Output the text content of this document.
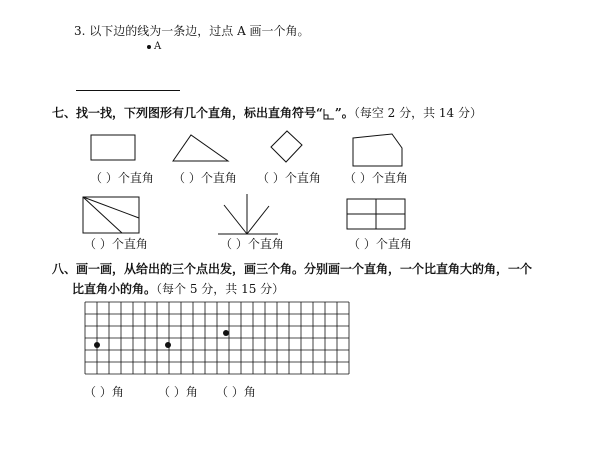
3. 以下边的线为一条边，过点 A 画一个角。
A
七、找一找，下列图形有几个直角，标出直角符号“ ”。（每空 2 分，共 14 分）
（ ）个直角 （ ）个直角 （ ）个直角 （ ）个直角
（ ）个直角	（ ）个直角	（ ）个直角
八、画一画，从给出的三个点出发，画三个角。分别画一个直角，一个比直角大的角，一个
比直角小的角。（每个 5 分，共 15 分）
（ ）角	（ ）角 （ ）角
